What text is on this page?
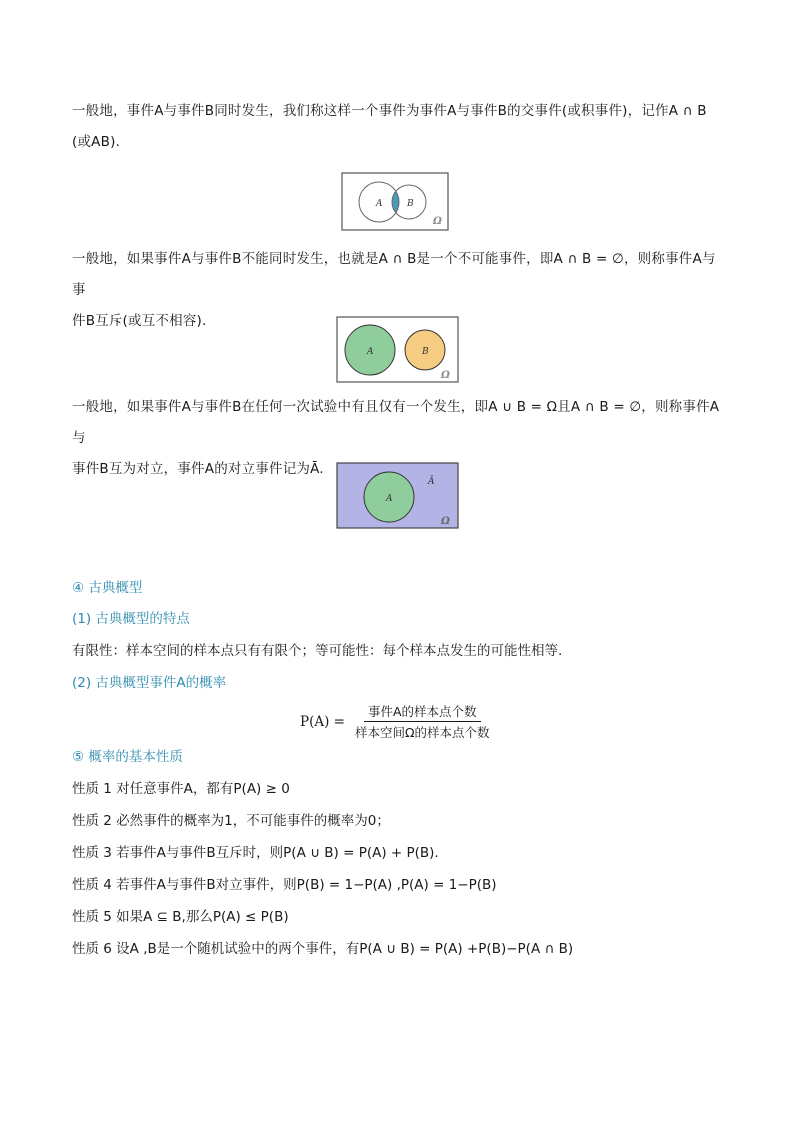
一般地，事件A与事件B同时发生，我们称这样一个事件为事件A与事件B的交事件(或积事件)，记作A ∩ B
(或AB).
A	B
Ω
一般地，如果事件A与事件B不能同时发生，也就是A ∩ B是一个不可能事件，即A ∩ B = ∅，则称事件A与事
件B互斥(或互不相容).
A	B
Ω
一般地，如果事件A与事件B在任何一次试验中有且仅有一个发生，即A ∪ B = Ω且A ∩ B = ∅，则称事件A与
事件B互为对立，事件A的对立事件记为Ā.
A
Ā
Ω
④ 古典概型
(1) 古典概型的特点
有限性：样本空间的样本点只有有限个；等可能性：每个样本点发生的可能性相等.
(2) 古典概型事件A的概率
$P(A) = \frac{\text{事件A的样本点个数}}{\text{样本空间Ω的样本点个数}}$
⑤ 概率的基本性质
性质 1 对任意事件A，都有P(A) ≥ 0
性质 2 必然事件的概率为1，不可能事件的概率为0；
性质 3 若事件A与事件B互斥时，则P(A ∪ B) = P(A) + P(B).
性质 4 若事件A与事件B对立事件，则P(B) = 1−P(A) ,P(A) = 1−P(B)
性质 5 如果A ⊆ B,那么P(A) ≤ P(B)
性质 6 设A ,B是一个随机试验中的两个事件，有P(A ∪ B) = P(A) +P(B)−P(A ∩ B)
